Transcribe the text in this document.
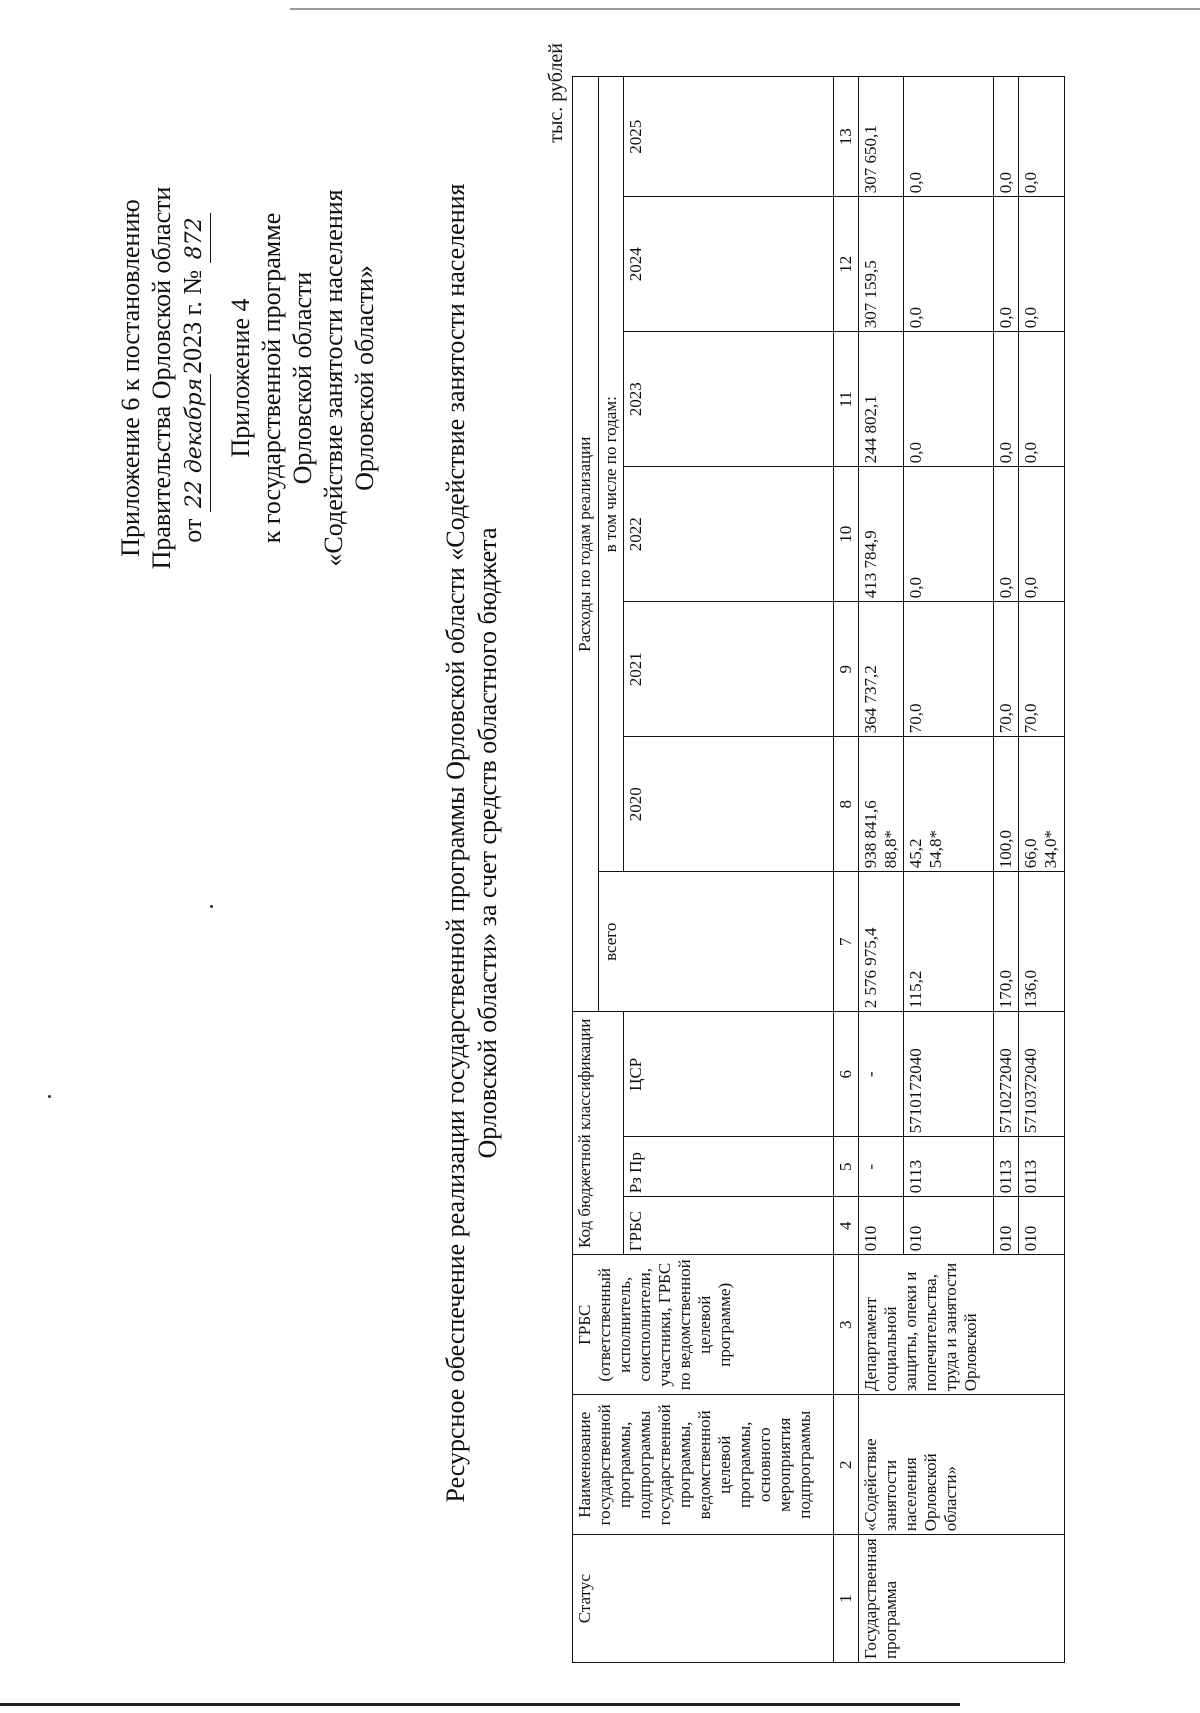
Приложение 6 к постановлению Правительства Орловской области от 22 декабря2023 г. № 872
Приложение 4 к государственной программе Орловской области «Содействие занятости населения Орловской области» Ресурсное обеспечение реализации государственной программы Орловской области «Содействие занятости населения Орловской области» за счет средств областного бюджета
тыс. рублей
Статус	Наименование государственной программы, подпрограммы государственной программы, ведомственной целевой программы, основного мероприятия подпрограммы	ГРБС (ответственный исполнитель, соисполнители, участники, ГРБС по ведомственной целевой программе)	Код бюджетной классификации			Расходы по годам реализации						
						всего	в том числе по годам:					
			ГРБС	Рз Пр	ЦСР		2020	2021	2022	2023	2024	2025
1	2	3	4	5	6	7	8	9	10	11	12	13
Государственная программа	«Содействие занятости населения Орловской области»	Департамент социальной защиты, опеки и попечительства, труда и занятости Орловской	010	-	-	2 576 975,4	938 841,6 88,8*	364 737,2	413 784,9	244 802,1	307 159,5	307 650,1
			010	0113	5710172040	115,2	45,2 54,8*	70,0	0,0	0,0	0,0	0,0
			010	0113	5710272040	170,0	100,0	70,0	0,0	0,0	0,0	0,0
			010	0113	5710372040	136,0	66,0 34,0*	70,0	0,0	0,0	0,0	0,0
